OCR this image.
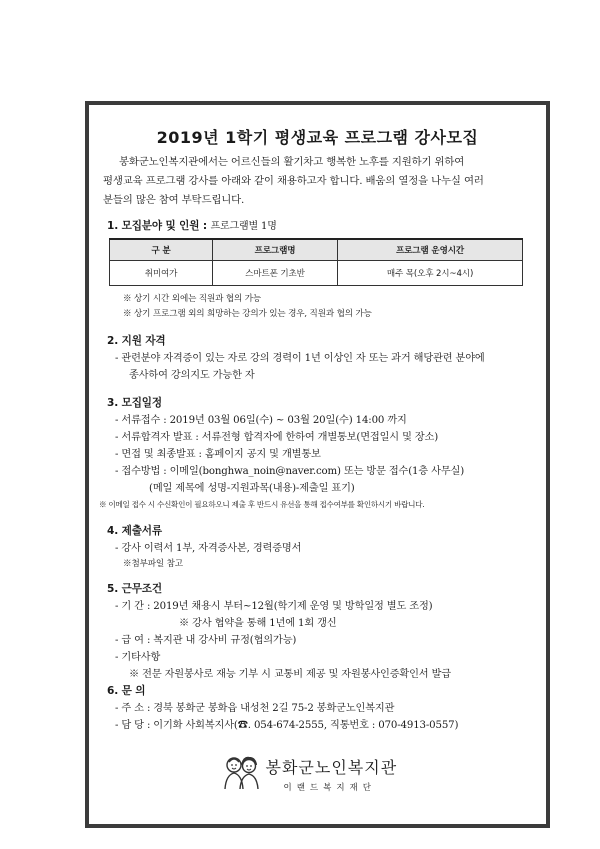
2019년 1학기 평생교육 프로그램 강사모집
봉화군노인복지관에서는 어르신들의 활기차고 행복한 노후를 지원하기 위하여
평생교육 프로그램 강사를 아래와 같이 채용하고자 합니다. 배움의 열정을 나누실 여러
분들의 많은 참여 부탁드립니다.
1. 모집분야 및 인원 : 프로그램별 1명
구 분	프로그램명	프로그램 운영시간
취미여가	스마트폰 기초반	매주 목(오후 2시~4시)
※ 상기 시간 외에는 직원과 협의 가능
※ 상기 프로그램 외의 희망하는 강의가 있는 경우, 직원과 협의 가능
2. 지원 자격
- 관련분야 자격증이 있는 자로 강의 경력이 1년 이상인 자 또는 과거 해당관련 분야에
종사하여 강의지도 가능한 자
3. 모집일정
- 서류접수 : 2019년 03월 06일(수) ~ 03월 20일(수) 14:00 까지
- 서류합격자 발표 : 서류전형 합격자에 한하여 개별통보(면접일시 및 장소)
- 면접 및 최종발표 : 홈페이지 공지 및 개별통보
- 접수방법 : 이메일(bonghwa_noin@naver.com) 또는 방문 접수(1층 사무실)
(메일 제목에 성명-지원과목(내용)-제출일 표기)
※ 이메일 접수 시 수신확인이 필요하오니 제출 후 반드시 유선을 통해 접수여부를 확인하시기 바랍니다.
4. 제출서류
- 강사 이력서 1부, 자격증사본, 경력증명서
※첨부파일 참고
5. 근무조건
- 기 간 : 2019년 채용시 부터~12월(학기제 운영 및 방학일정 별도 조정)
※ 강사 협약을 통해 1년에 1회 갱신
- 급 여 : 복지관 내 강사비 규정(협의가능)
- 기타사항
※ 전문 자원봉사로 재능 기부 시 교통비 제공 및 자원봉사인증확인서 발급
6. 문 의
- 주 소 : 경북 봉화군 봉화읍 내성천 2길 75-2 봉화군노인복지관
- 담 당 : 이기화 사회복지사(☎. 054-674-2555, 직통번호 : 070-4913-0557)
봉화군노인복지관
이랜드복지재단
